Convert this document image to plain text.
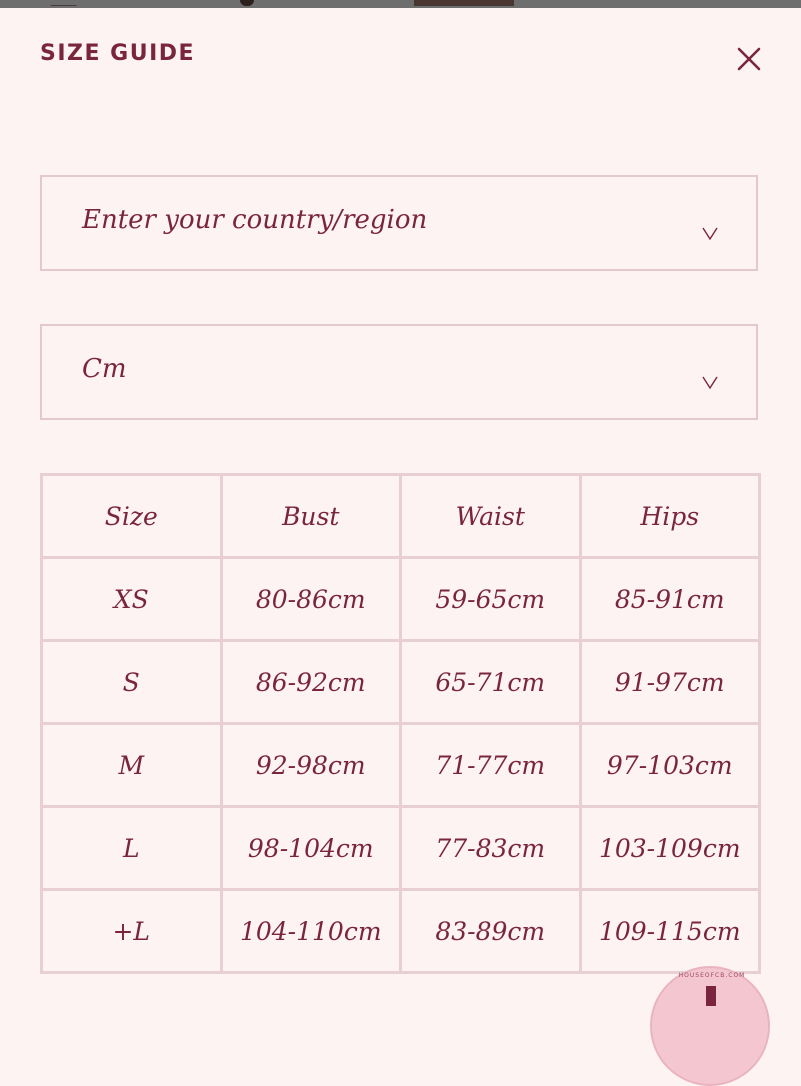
SIZE GUIDE
Enter your country/region
Cm
Size	Bust	Waist	Hips
XS	80-86cm	59-65cm	85-91cm
S	86-92cm	65-71cm	91-97cm
M	92-98cm	71-77cm	97-103cm
L	98-104cm	77-83cm	103-109cm
+L	104-110cm	83-89cm	109-115cm
HOUSEOFCB.COM
